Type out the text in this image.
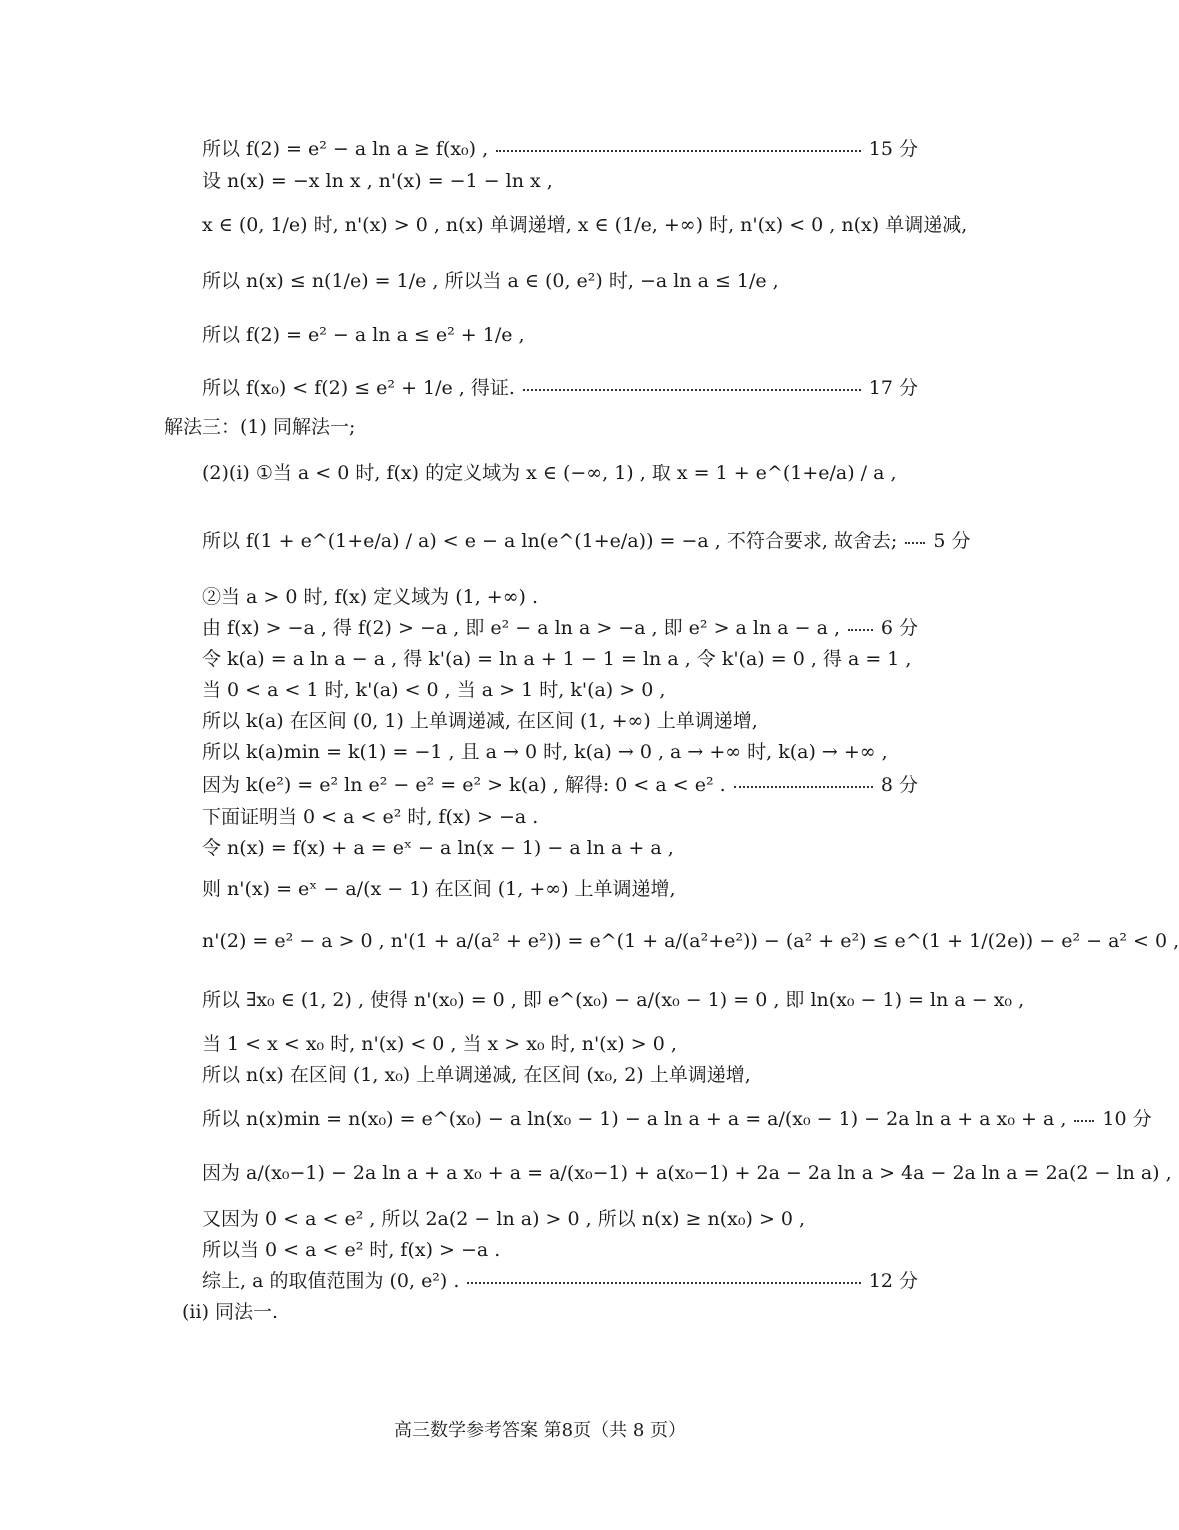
所以 f(2) = e² − a ln a ≥ f(x₀) ,	15 分
设 n(x) = −x ln x , n'(x) = −1 − ln x ,
x ∈ (0, 1/e) 时, n'(x) > 0 , n(x) 单调递增, x ∈ (1/e, +∞) 时, n'(x) < 0 , n(x) 单调递减,
所以 n(x) ≤ n(1/e) = 1/e , 所以当 a ∈ (0, e²) 时, −a ln a ≤ 1/e ,
所以 f(2) = e² − a ln a ≤ e² + 1/e ,
所以 f(x₀) < f(2) ≤ e² + 1/e , 得证.	17 分
解法三：(1) 同解法一;
(2)(i) ①当 a < 0 时, f(x) 的定义域为 x ∈ (−∞, 1) , 取 x = 1 + e^(1+e/a) / a ,
所以 f(1 + e^(1+e/a) / a) < e − a ln(e^(1+e/a)) = −a , 不符合要求, 故舍去; 5 分
②当 a > 0 时, f(x) 定义域为 (1, +∞) .
由 f(x) > −a , 得 f(2) > −a , 即 e² − a ln a > −a , 即 e² > a ln a − a , 6 分
令 k(a) = a ln a − a , 得 k'(a) = ln a + 1 − 1 = ln a , 令 k'(a) = 0 , 得 a = 1 ,
当 0 < a < 1 时, k'(a) < 0 , 当 a > 1 时, k'(a) > 0 ,
所以 k(a) 在区间 (0, 1) 上单调递减, 在区间 (1, +∞) 上单调递增,
所以 k(a)min = k(1) = −1 , 且 a → 0 时, k(a) → 0 , a → +∞ 时, k(a) → +∞ ,
因为 k(e²) = e² ln e² − e² = e² > k(a) , 解得: 0 < a < e² .	8 分
下面证明当 0 < a < e² 时, f(x) > −a .
令 n(x) = f(x) + a = eˣ − a ln(x − 1) − a ln a + a ,
则 n'(x) = eˣ − a/(x − 1) 在区间 (1, +∞) 上单调递增,
n'(2) = e² − a > 0 , n'(1 + a/(a² + e²)) = e^(1 + a/(a²+e²)) − (a² + e²) ≤ e^(1 + 1/(2e)) − e² − a² < 0 ,
所以 ∃x₀ ∈ (1, 2) , 使得 n'(x₀) = 0 , 即 e^(x₀) − a/(x₀ − 1) = 0 , 即 ln(x₀ − 1) = ln a − x₀ ,
当 1 < x < x₀ 时, n'(x) < 0 , 当 x > x₀ 时, n'(x) > 0 ,
所以 n(x) 在区间 (1, x₀) 上单调递减, 在区间 (x₀, 2) 上单调递增,
所以 n(x)min = n(x₀) = e^(x₀) − a ln(x₀ − 1) − a ln a + a = a/(x₀ − 1) − 2a ln a + a x₀ + a , 10 分
因为 a/(x₀−1) − 2a ln a + a x₀ + a = a/(x₀−1) + a(x₀−1) + 2a − 2a ln a > 4a − 2a ln a = 2a(2 − ln a) ,
又因为 0 < a < e² , 所以 2a(2 − ln a) > 0 , 所以 n(x) ≥ n(x₀) > 0 ,
所以当 0 < a < e² 时, f(x) > −a .
综上, a 的取值范围为 (0, e²) .	12 分
(ii) 同法一.
高三数学参考答案 第8页（共 8 页）
